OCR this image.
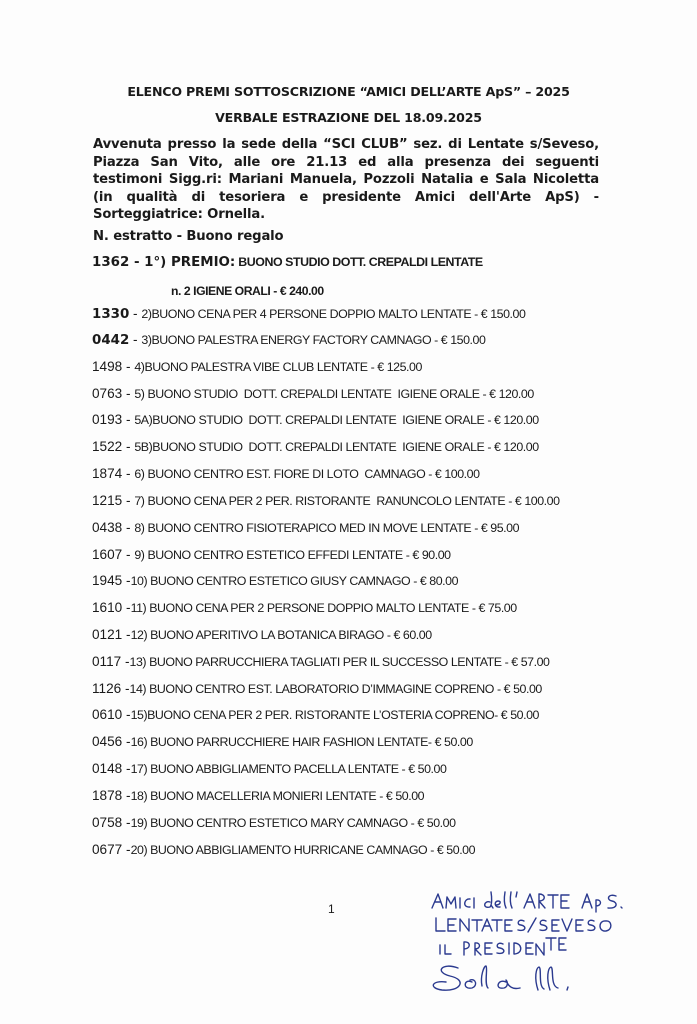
ELENCO PREMI SOTTOSCRIZIONE “AMICI DELL’ARTE ApS” – 2025
VERBALE ESTRAZIONE DEL 18.09.2025
Avvenuta presso la sede della “SCI CLUB” sez. di Lentate s/Seveso, Piazza San Vito, alle ore 21.13 ed alla presenza dei seguenti testimoni Sigg.ri: Mariani Manuela, Pozzoli Natalia e Sala Nicoletta (in qualità di tesoriera e presidente Amici dell'Arte ApS) - Sorteggiatrice: Ornella.
N. estratto - Buono regalo
1362 - 1°) PREMIO: BUONO STUDIO DOTT. CREPALDI LENTATE
n. 2 IGIENE ORALI - € 240.00
1330 - 2)BUONO CENA PER 4 PERSONE DOPPIO MALTO LENTATE - € 150.00
0442 - 3)BUONO PALESTRA ENERGY FACTORY CAMNAGO - € 150.00
1498 - 4)BUONO PALESTRA VIBE CLUB LENTATE - € 125.00
0763 - 5) BUONO STUDIO  DOTT. CREPALDI LENTATE  IGIENE ORALE - € 120.00
0193 - 5A)BUONO STUDIO  DOTT. CREPALDI LENTATE  IGIENE ORALE - € 120.00
1522 - 5B)BUONO STUDIO  DOTT. CREPALDI LENTATE  IGIENE ORALE - € 120.00
1874 - 6) BUONO CENTRO EST. FIORE DI LOTO  CAMNAGO - € 100.00
1215 - 7) BUONO CENA PER 2 PER. RISTORANTE  RANUNCOLO LENTATE - € 100.00
0438 - 8) BUONO CENTRO FISIOTERAPICO MED IN MOVE LENTATE - € 95.00
1607 - 9) BUONO CENTRO ESTETICO EFFEDI LENTATE - € 90.00
1945 -10) BUONO CENTRO ESTETICO GIUSY CAMNAGO - € 80.00
1610 -11) BUONO CENA PER 2 PERSONE DOPPIO MALTO LENTATE - € 75.00
0121 -12) BUONO APERITIVO LA BOTANICA BIRAGO - € 60.00
0117 -13) BUONO PARRUCCHIERA TAGLIATI PER IL SUCCESSO LENTATE - € 57.00
1126 -14) BUONO CENTRO EST. LABORATORIO D’IMMAGINE COPRENO - € 50.00
0610 -15)BUONO CENA PER 2 PER. RISTORANTE L’OSTERIA COPRENO- € 50.00
0456 -16) BUONO PARRUCCHIERE HAIR FASHION LENTATE- € 50.00
0148 -17) BUONO ABBIGLIAMENTO PACELLA LENTATE - € 50.00
1878 -18) BUONO MACELLERIA MONIERI LENTATE - € 50.00
0758 -19) BUONO CENTRO ESTETICO MARY CAMNAGO - € 50.00
0677 -20) BUONO ABBIGLIAMENTO HURRICANE CAMNAGO - € 50.00
1
